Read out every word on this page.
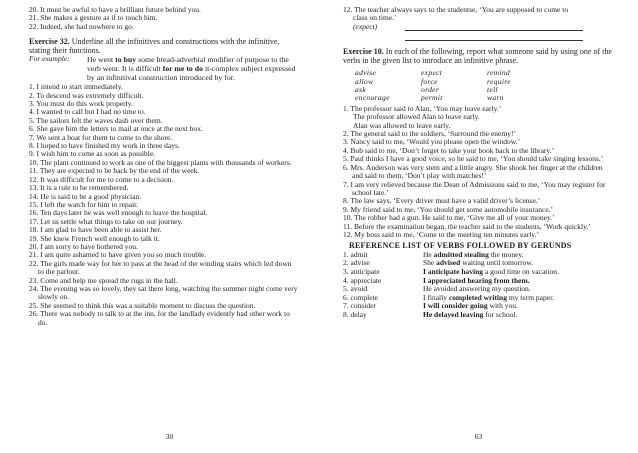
20. It must be awful to have a brilliant future behind you.
21. She makes a gesture as if to touch him.
22. Indeed, she had nowhere to go.
Exercise 32. Underline all the infinitives and constructions with the infinitive, stating their functions.
For example:	He went to buy some bread-adverbial modifier of purpose to the verb went. It is difficult for me to do it-complex subject expressed by an infinitival construction introduced by for.
1. I intend to start immediately.
2. To descend was extremely difficult.
3. You must do this work properly.
4. I wanted to call but I had no time to.
5. The sailors felt the waves dash over them.
6. She gave him the letters to mail at once at the next box.
7. We sent a boat for them to come to the shore.
8. I hoped to have finished my work in three days.
9. I wish him to come as soon as possible.
10. The plant continued to work as one of the biggest plants with thousands of workers.
11. They are expected to be back by the end of the week.
12. It was difficult for me to come to a decision.
13. It is a rule to be remembered.
14. He is said to be a good physician.
15. I left the watch for him to repair.
16. Ten days later he was well enough to leave the hospital.
17. Let us settle what things to take on our journey.
18. I am glad to have been able to assist her.
19. She knew French well enough to talk it.
20. I am sorry to have bothered you.
21. I am quite ashamed to have given you so much trouble.
22. The girls made way for her to pass at the head of the winding stairs which led down to the parlour.
23. Come and help me spread the rugs in the hall.
24. The evening was so lovely, they sat there long, watching the summer night come very slowly on.
25. She seemed to think this was a suitable moment to discuss the question.
26. There was nobody to talk to at the inn, for the landlady evidently had other work to do.
30
12. The teacher always says to the studentse, ‘You are supposed to come to
class on time.’
(expect)
Exercise 10. In each of the following, report what someone said by using one of the verbs in the given list to introduce an infinitive phrase.
advise	expect	remind
allow	force	require
ask	order	tell
encourage	permit	warn
1. The professor said to Alan, ‘You may leave early.’
The professor allowed Alan to leave early.
Alan was allowed to leave early.
2. The general said to the soldiers, ‘Surround the enemy!’
3. Nancy said to me, ‘Would you please open the window.’
4. Bob said to me, ‘Don’t forget to take your book back to the library.’
5. Paul thinks I have a good voice, so he said to me, ‘You should take singing lessons.’
6. Mrs. Anderson was very stem and a little angry. She shook her finger at the children and said to them, ‘Don’t play with matches!’
7. I am very relieved because the Dean of Admissions said to me, ‘You may register for school late.’
8. The law says, ‘Every driver must have a valid driver’s license.’
9. My friend said to me, ‘You should get some automobile insurance.’
10. The robber had a gun. He said to me, ‘Give me all of your money.’
11. Before the examination began, the teacher said to the students, ‘Work quickly.’
12. My boss said to me, ‘Come to the meeting ten minutes early.’
REFERENCE LIST OF VERBS FOLLOWED BY GERUNDS
1. admit	He admitted stealing the money.
2. advise	She advised waiting until tomorrow.
3. anticipate	I anticipate having a good time on vacation.
4. appreciate	I appreciated hearing from them.
5. avoid	He avoided answering my question.
6. complete	I finally completed writing my term paper.
7. consider	I will consider going with you.
8. delay	He delayed leaving for school.
63
